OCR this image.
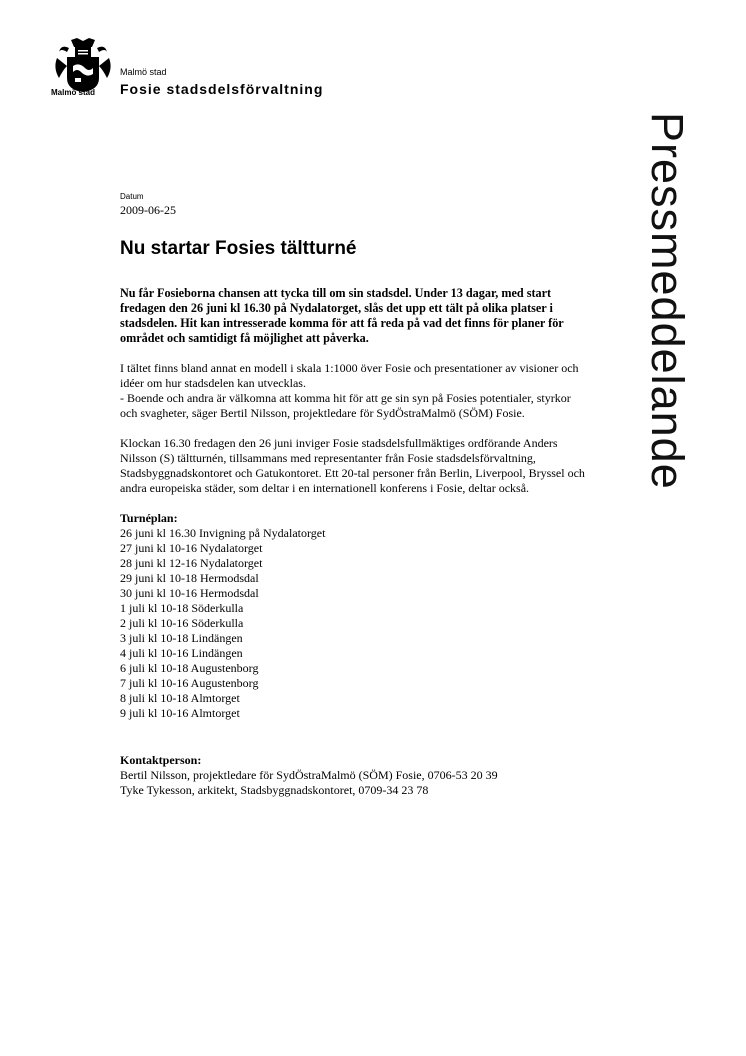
Malmö stad
Malmö stad
Fosie stadsdelsförvaltning
Pressmeddelande
Datum
2009-06-25
Nu startar Fosies tältturné

Nu får Fosieborna chansen att tycka till om sin stadsdel. Under 13 dagar, med start fredagen den 26 juni kl 16.30 på Nydalatorget, slås det upp ett tält på olika platser i stadsdelen. Hit kan intresserade komma för att få reda på vad det finns för planer för området och samtidigt få möjlighet att påverka.

I tältet finns bland annat en modell i skala 1:1000 över Fosie och presentationer av visioner och idéer om hur stadsdelen kan utvecklas.
- Boende och andra är välkomna att komma hit för att ge sin syn på Fosies potentialer, styrkor och svagheter, säger Bertil Nilsson, projektledare för SydÖstraMalmö (SÖM) Fosie.

Klockan 16.30 fredagen den 26 juni inviger Fosie stadsdelsfullmäktiges ordförande Anders Nilsson (S) tältturnén, tillsammans med representanter från Fosie stadsdelsförvaltning, Stadsbyggnadskontoret och Gatukontoret. Ett 20-tal personer från Berlin, Liverpool, Bryssel och andra europeiska städer, som deltar i en internationell konferens i Fosie, deltar också.

Turnéplan:
26 juni kl 16.30 Invigning på Nydalatorget
27 juni kl 10-16 Nydalatorget
28 juni kl 12-16 Nydalatorget
29 juni kl 10-18 Hermodsdal
30 juni kl 10-16 Hermodsdal
1 juli kl 10-18 Söderkulla
2 juli kl 10-16 Söderkulla
3 juli kl 10-18 Lindängen
4 juli kl 10-16 Lindängen
6 juli kl 10-18 Augustenborg
7 juli kl 10-16 Augustenborg
8 juli kl 10-18 Almtorget
9 juli kl 10-16 Almtorget
Kontaktperson:
Bertil Nilsson, projektledare för SydÖstraMalmö (SÖM) Fosie, 0706-53 20 39
Tyke Tykesson, arkitekt, Stadsbyggnadskontoret, 0709-34 23 78
